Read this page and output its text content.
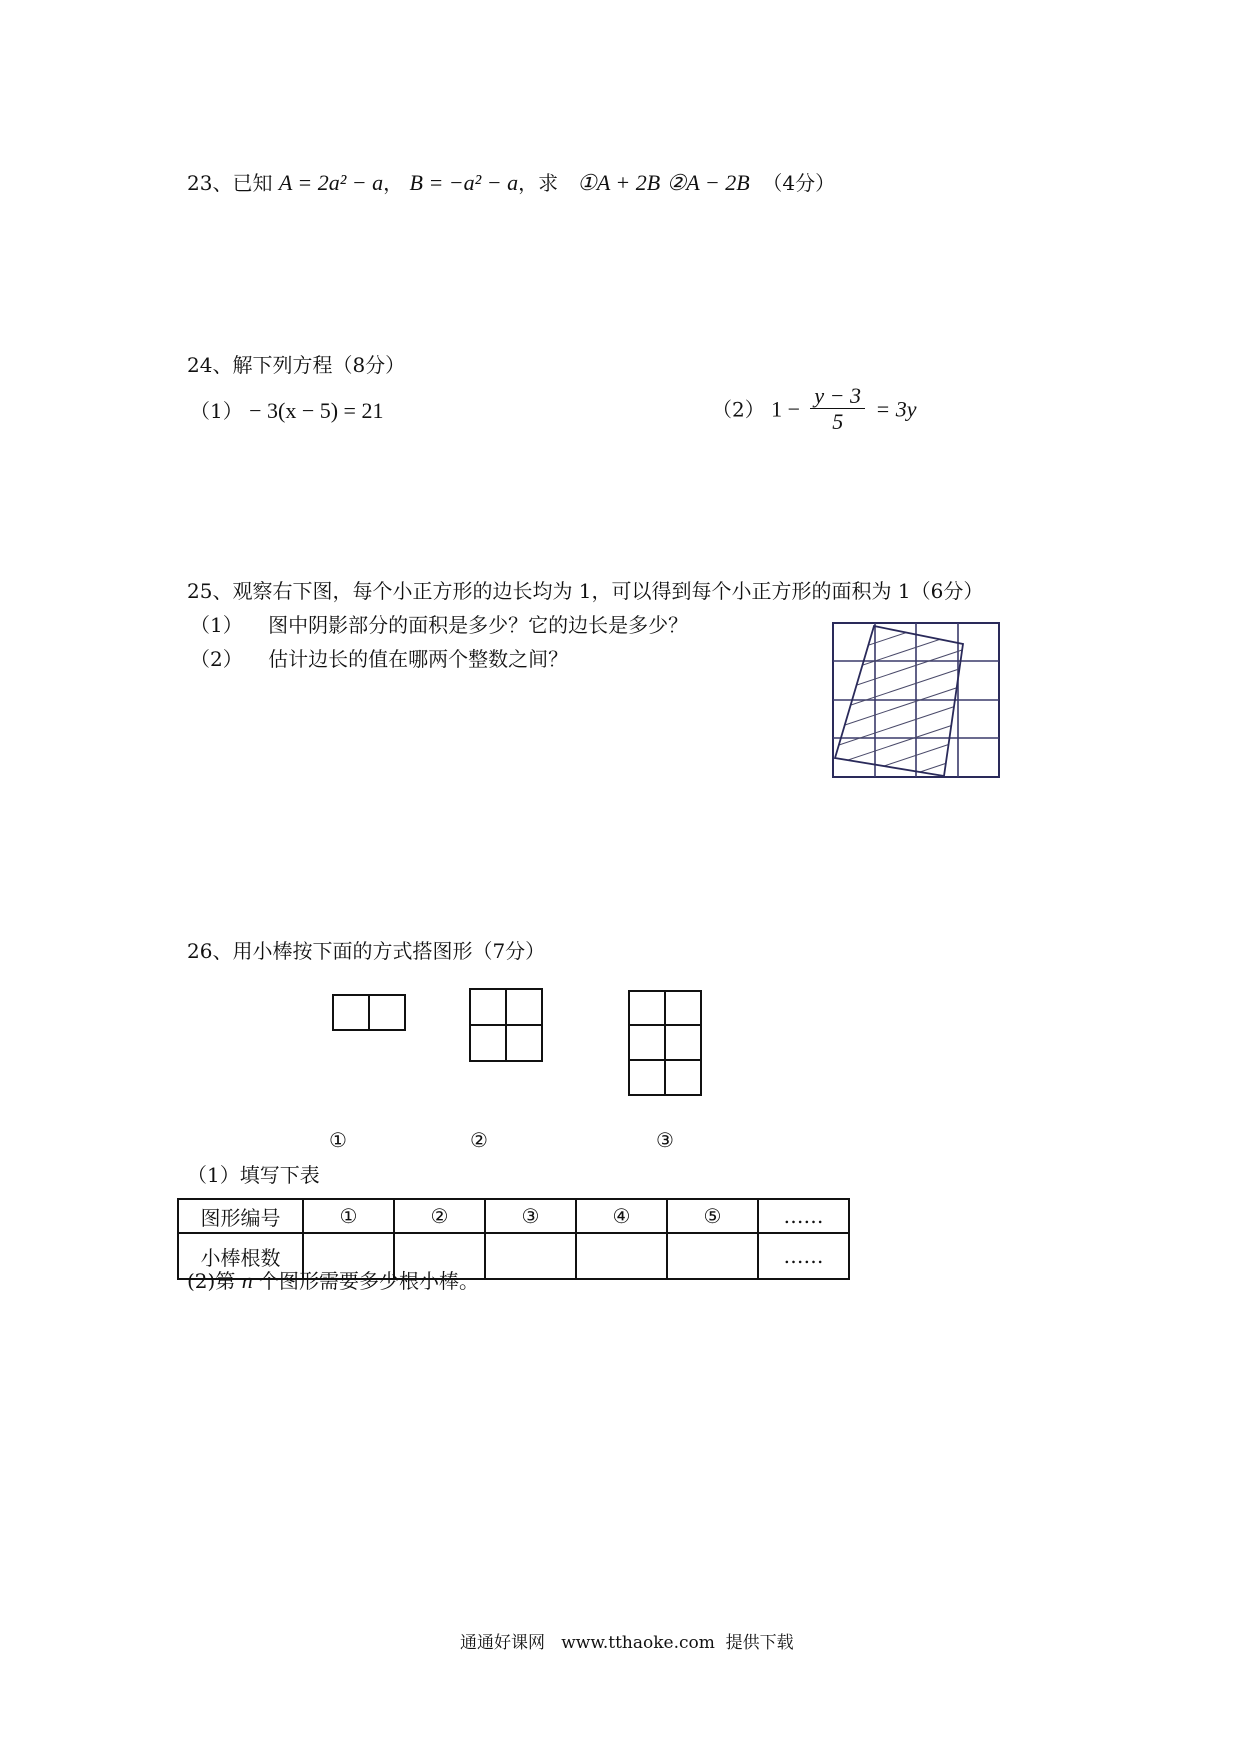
23、已知 A = 2a² − a， B = −a² − a，求 ①A + 2B ②A − 2B （4分）
24、解下列方程（8分）
（1） − 3(x − 5) = 21	（2） $1 - \frac{y - 3}{5} = 3y$
25、观察右下图，每个小正方形的边长均为 1，可以得到每个小正方形的面积为 1（6分）
（1） 图中阴影部分的面积是多少？它的边长是多少？
（2） 估计边长的值在哪两个整数之间？
26、用小棒按下面的方式搭图形（7分）
①	②	③
（1）填写下表
图形编号	①	②	③	④	⑤	……
小棒根数						……
(2)第 n 个图形需要多少根小棒。
通通好课网   www.tthaoke.com  提供下载
